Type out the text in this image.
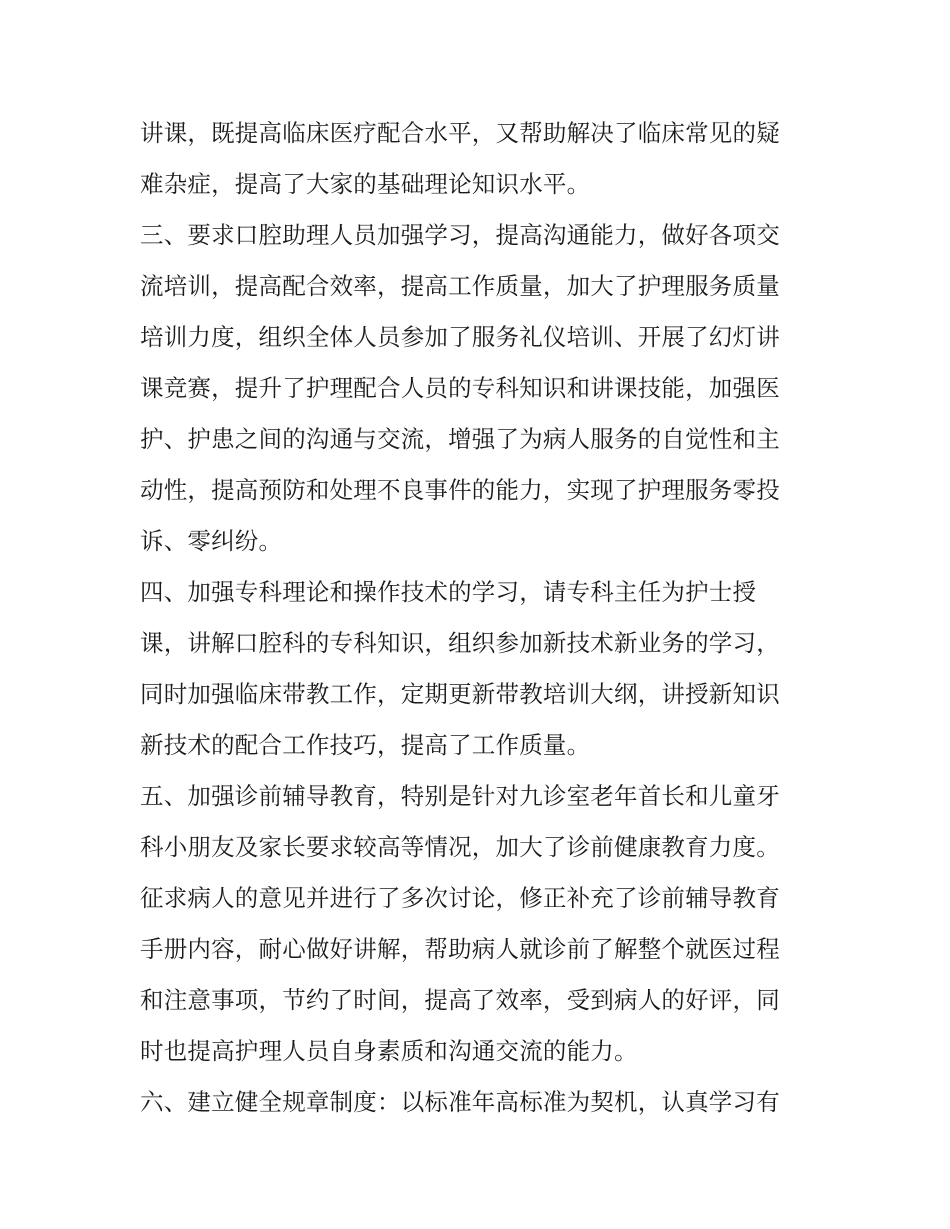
讲课，既提高临床医疗配合水平，又帮助解决了临床常见的疑
难杂症，提高了大家的基础理论知识水平。
三、要求口腔助理人员加强学习，提高沟通能力，做好各项交
流培训，提高配合效率，提高工作质量，加大了护理服务质量
培训力度，组织全体人员参加了服务礼仪培训、开展了幻灯讲
课竞赛，提升了护理配合人员的专科知识和讲课技能，加强医
护、护患之间的沟通与交流，增强了为病人服务的自觉性和主
动性，提高预防和处理不良事件的能力，实现了护理服务零投
诉、零纠纷。
四、加强专科理论和操作技术的学习，请专科主任为护士授
课，讲解口腔科的专科知识，组织参加新技术新业务的学习，
同时加强临床带教工作，定期更新带教培训大纲，讲授新知识
新技术的配合工作技巧，提高了工作质量。
五、加强诊前辅导教育，特别是针对九诊室老年首长和儿童牙
科小朋友及家长要求较高等情况，加大了诊前健康教育力度。
征求病人的意见并进行了多次讨论，修正补充了诊前辅导教育
手册内容，耐心做好讲解，帮助病人就诊前了解整个就医过程
和注意事项，节约了时间，提高了效率，受到病人的好评，同
时也提高护理人员自身素质和沟通交流的能力。
六、建立健全规章制度：以标准年高标准为契机，认真学习有
